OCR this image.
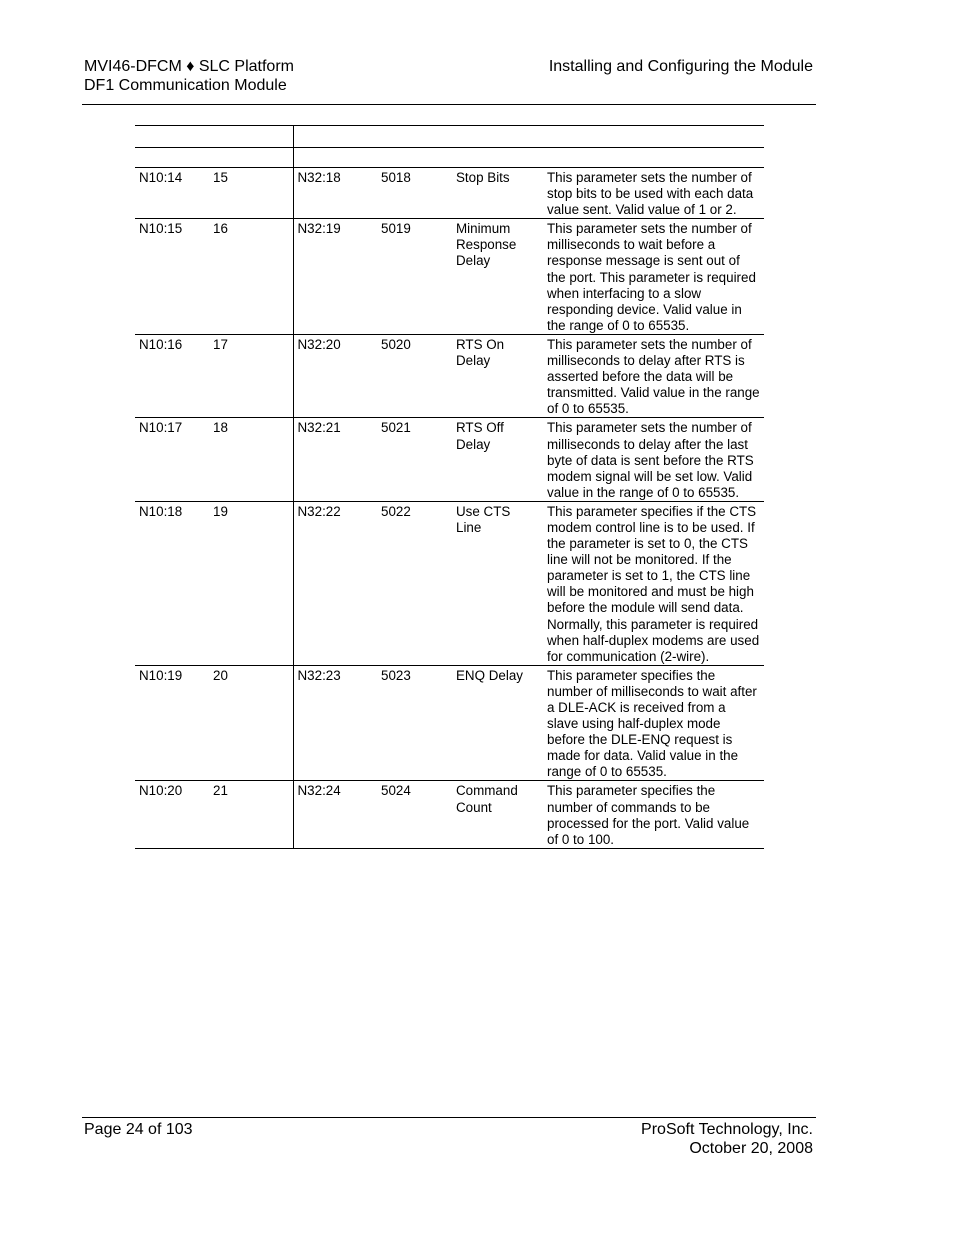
MVI46-DFCM ♦ SLC Platform
DF1 Communication Module
Installing and Configuring the Module

N10:14	15	N32:18	5018	Stop Bits	This parameter sets the number of stop bits to be used with each data value sent. Valid value of 1 or 2.
N10:15	16	N32:19	5019	Minimum Response Delay	This parameter sets the number of milliseconds to wait before a response message is sent out of the port. This parameter is required when interfacing to a slow responding device. Valid value in the range of 0 to 65535.
N10:16	17	N32:20	5020	RTS On Delay	This parameter sets the number of milliseconds to delay after RTS is asserted before the data will be transmitted. Valid value in the range of 0 to 65535.
N10:17	18	N32:21	5021	RTS Off Delay	This parameter sets the number of milliseconds to delay after the last byte of data is sent before the RTS modem signal will be set low. Valid value in the range of 0 to 65535.
N10:18	19	N32:22	5022	Use CTS Line	This parameter specifies if the CTS modem control line is to be used. If the parameter is set to 0, the CTS line will not be monitored. If the parameter is set to 1, the CTS line will be monitored and must be high before the module will send data. Normally, this parameter is required when half-duplex modems are used for communication (2-wire).
N10:19	20	N32:23	5023	ENQ Delay	This parameter specifies the number of milliseconds to wait after a DLE-ACK is received from a slave using half-duplex mode before the DLE-ENQ request is made for data. Valid value in the range of 0 to 65535.
N10:20	21	N32:24	5024	Command Count	This parameter specifies the number of commands to be processed for the port. Valid value of 0 to 100.
Page 24 of 103	ProSoft Technology, Inc.
October 20, 2008
